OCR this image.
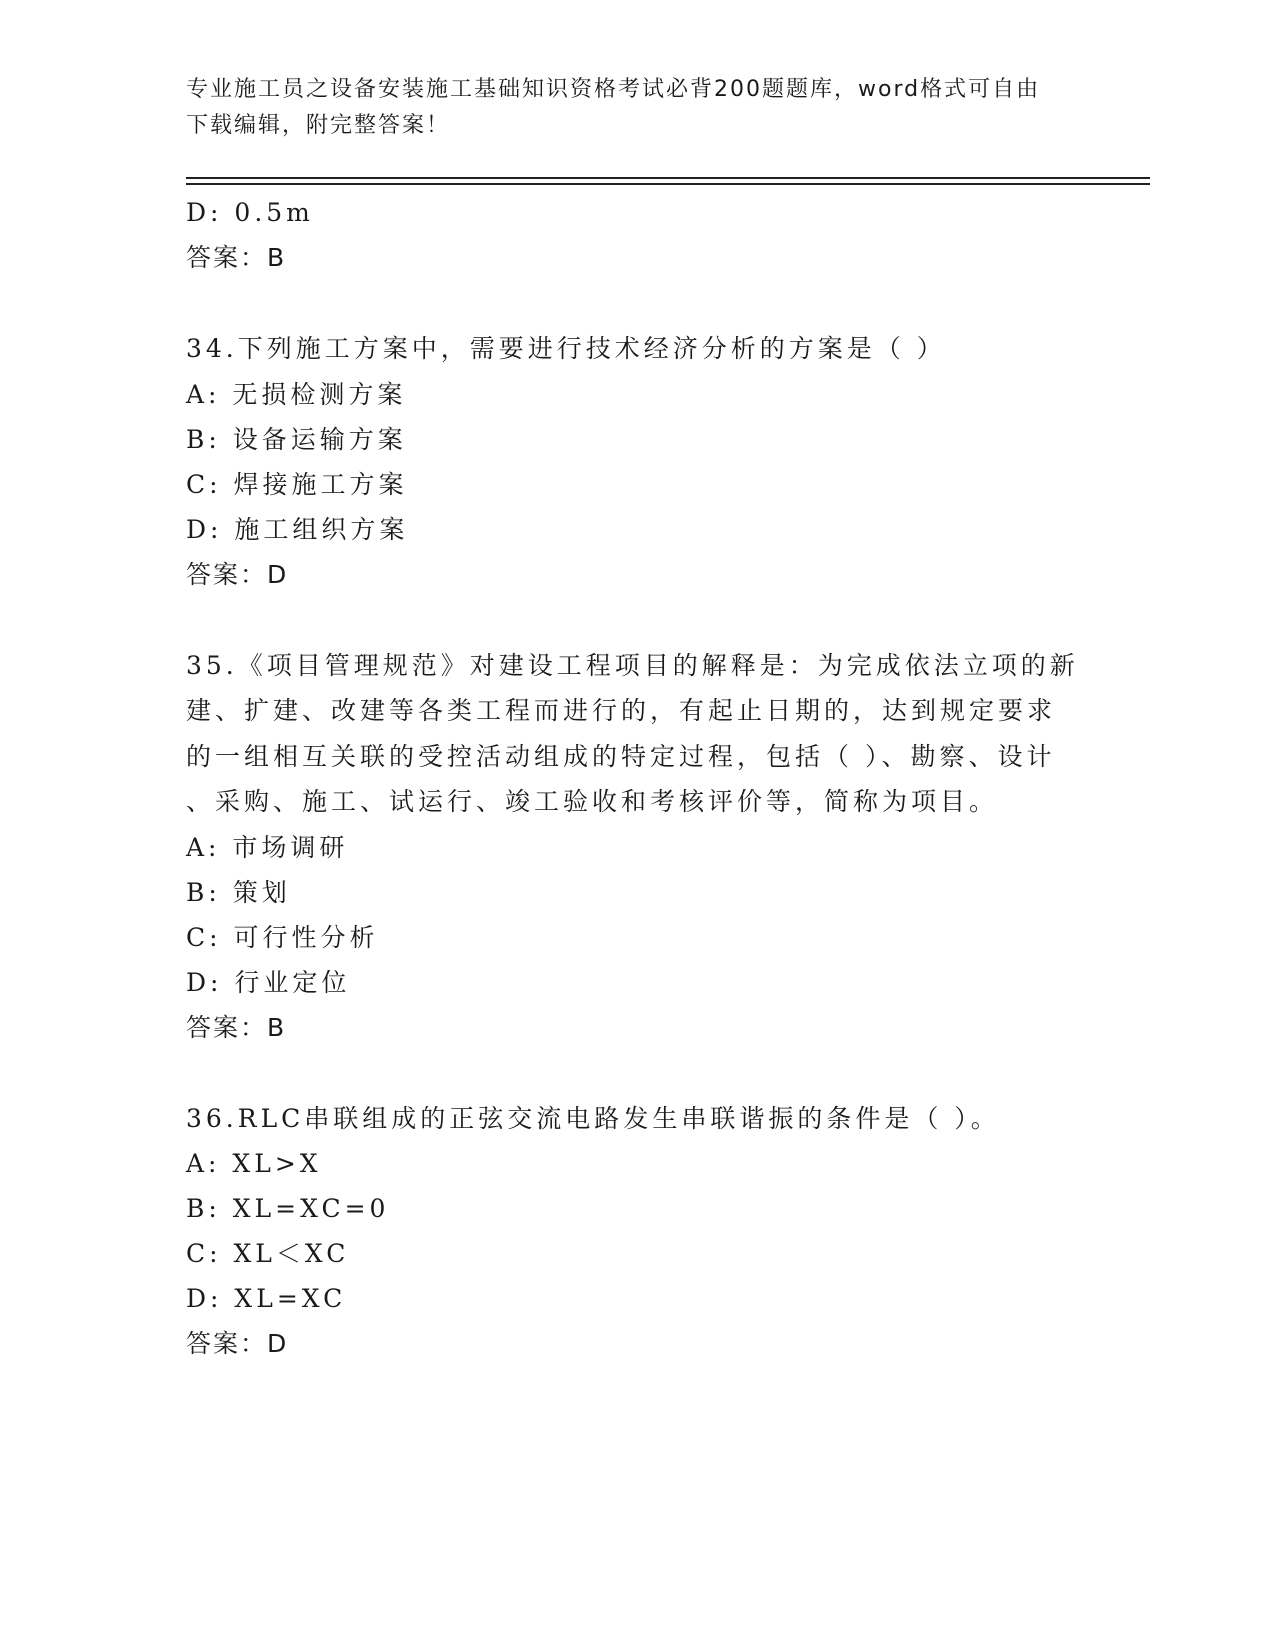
专业施工员之设备安装施工基础知识资格考试必背200题题库，word格式可自由
下载编辑，附完整答案！
D: 0.5m
答案：B
34.下列施工方案中，需要进行技术经济分析的方案是（ ）
A: 无损检测方案
B: 设备运输方案
C: 焊接施工方案
D: 施工组织方案
答案：D
35.《项目管理规范》对建设工程项目的解释是：为完成依法立项的新
建、扩建、改建等各类工程而进行的，有起止日期的，达到规定要求
的一组相互关联的受控活动组成的特定过程，包括（ ）、勘察、设计
、采购、施工、试运行、竣工验收和考核评价等，简称为项目。
A: 市场调研
B: 策划
C: 可行性分析
D: 行业定位
答案：B
36.RLC串联组成的正弦交流电路发生串联谐振的条件是（ ）。
A: XL>X
B: XL=XC=0
C: XL＜XC
D: XL=XC
答案：D
